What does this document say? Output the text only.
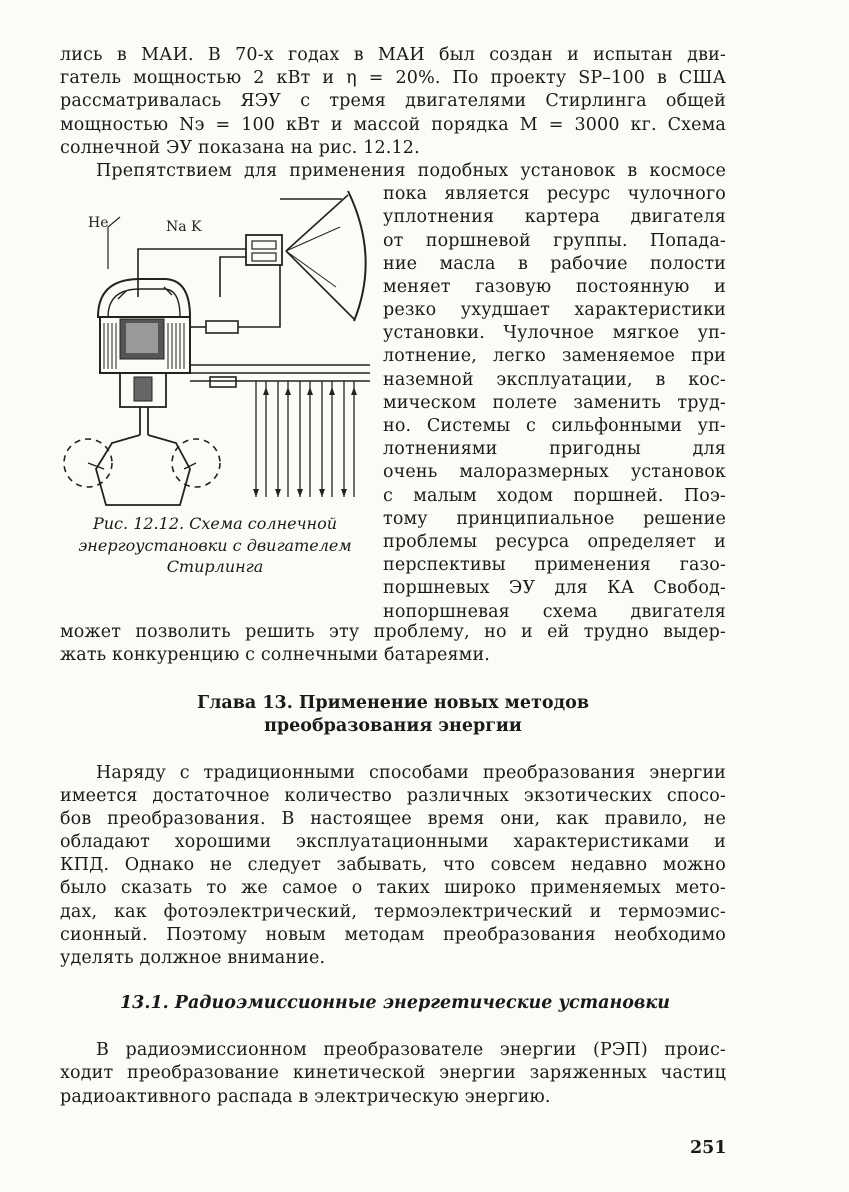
лись в МАИ. В 70-х годах в МАИ был создан и испытан дви-
гатель мощностью 2 кВт и η = 20%. По проекту SP–100 в США
рассматривалась ЯЭУ с тремя двигателями Стирлинга общей
мощностью Nэ = 100 кВт и массой порядка M = 3000 кг. Схема
солнечной ЭУ показана на рис. 12.12.
Препятствием для применения подобных установок в космосе
He	Na K
Рис. 12.12. Схема солнечной
энергоустановки с двигателем
Стирлинга
пока является ресурс чулочного
уплотнения картера двигателя
от поршневой группы. Попада-
ние масла в рабочие полости
меняет газовую постоянную и
резко ухудшает характеристики
установки. Чулочное мягкое уп-
лотнение, легко заменяемое при
наземной эксплуатации, в кос-
мическом полете заменить труд-
но. Системы с сильфонными уп-
лотнениями пригодны для
очень малоразмерных установок
с малым ходом поршней. Поэ-
тому принципиальное решение
проблемы ресурса определяет и
перспективы применения газо-
поршневых ЭУ для КА Свобод-
нопоршневая схема двигателя
может позволить решить эту проблему, но и ей трудно выдер-
жать конкуренцию с солнечными батареями.
Глава 13. Применение новых методов
преобразования энергии
Наряду с традиционными способами преобразования энергии
имеется достаточное количество различных экзотических спосо-
бов преобразования. В настоящее время они, как правило, не
обладают хорошими эксплуатационными характеристиками и
КПД. Однако не следует забывать, что совсем недавно можно
было сказать то же самое о таких широко применяемых мето-
дах, как фотоэлектрический, термоэлектрический и термоэмис-
сионный. Поэтому новым методам преобразования необходимо
уделять должное внимание.
13.1. Радиоэмиссионные энергетические установки
В радиоэмиссионном преобразователе энергии (РЭП) проис-
ходит преобразование кинетической энергии заряженных частиц
радиоактивного распада в электрическую энергию.
251
